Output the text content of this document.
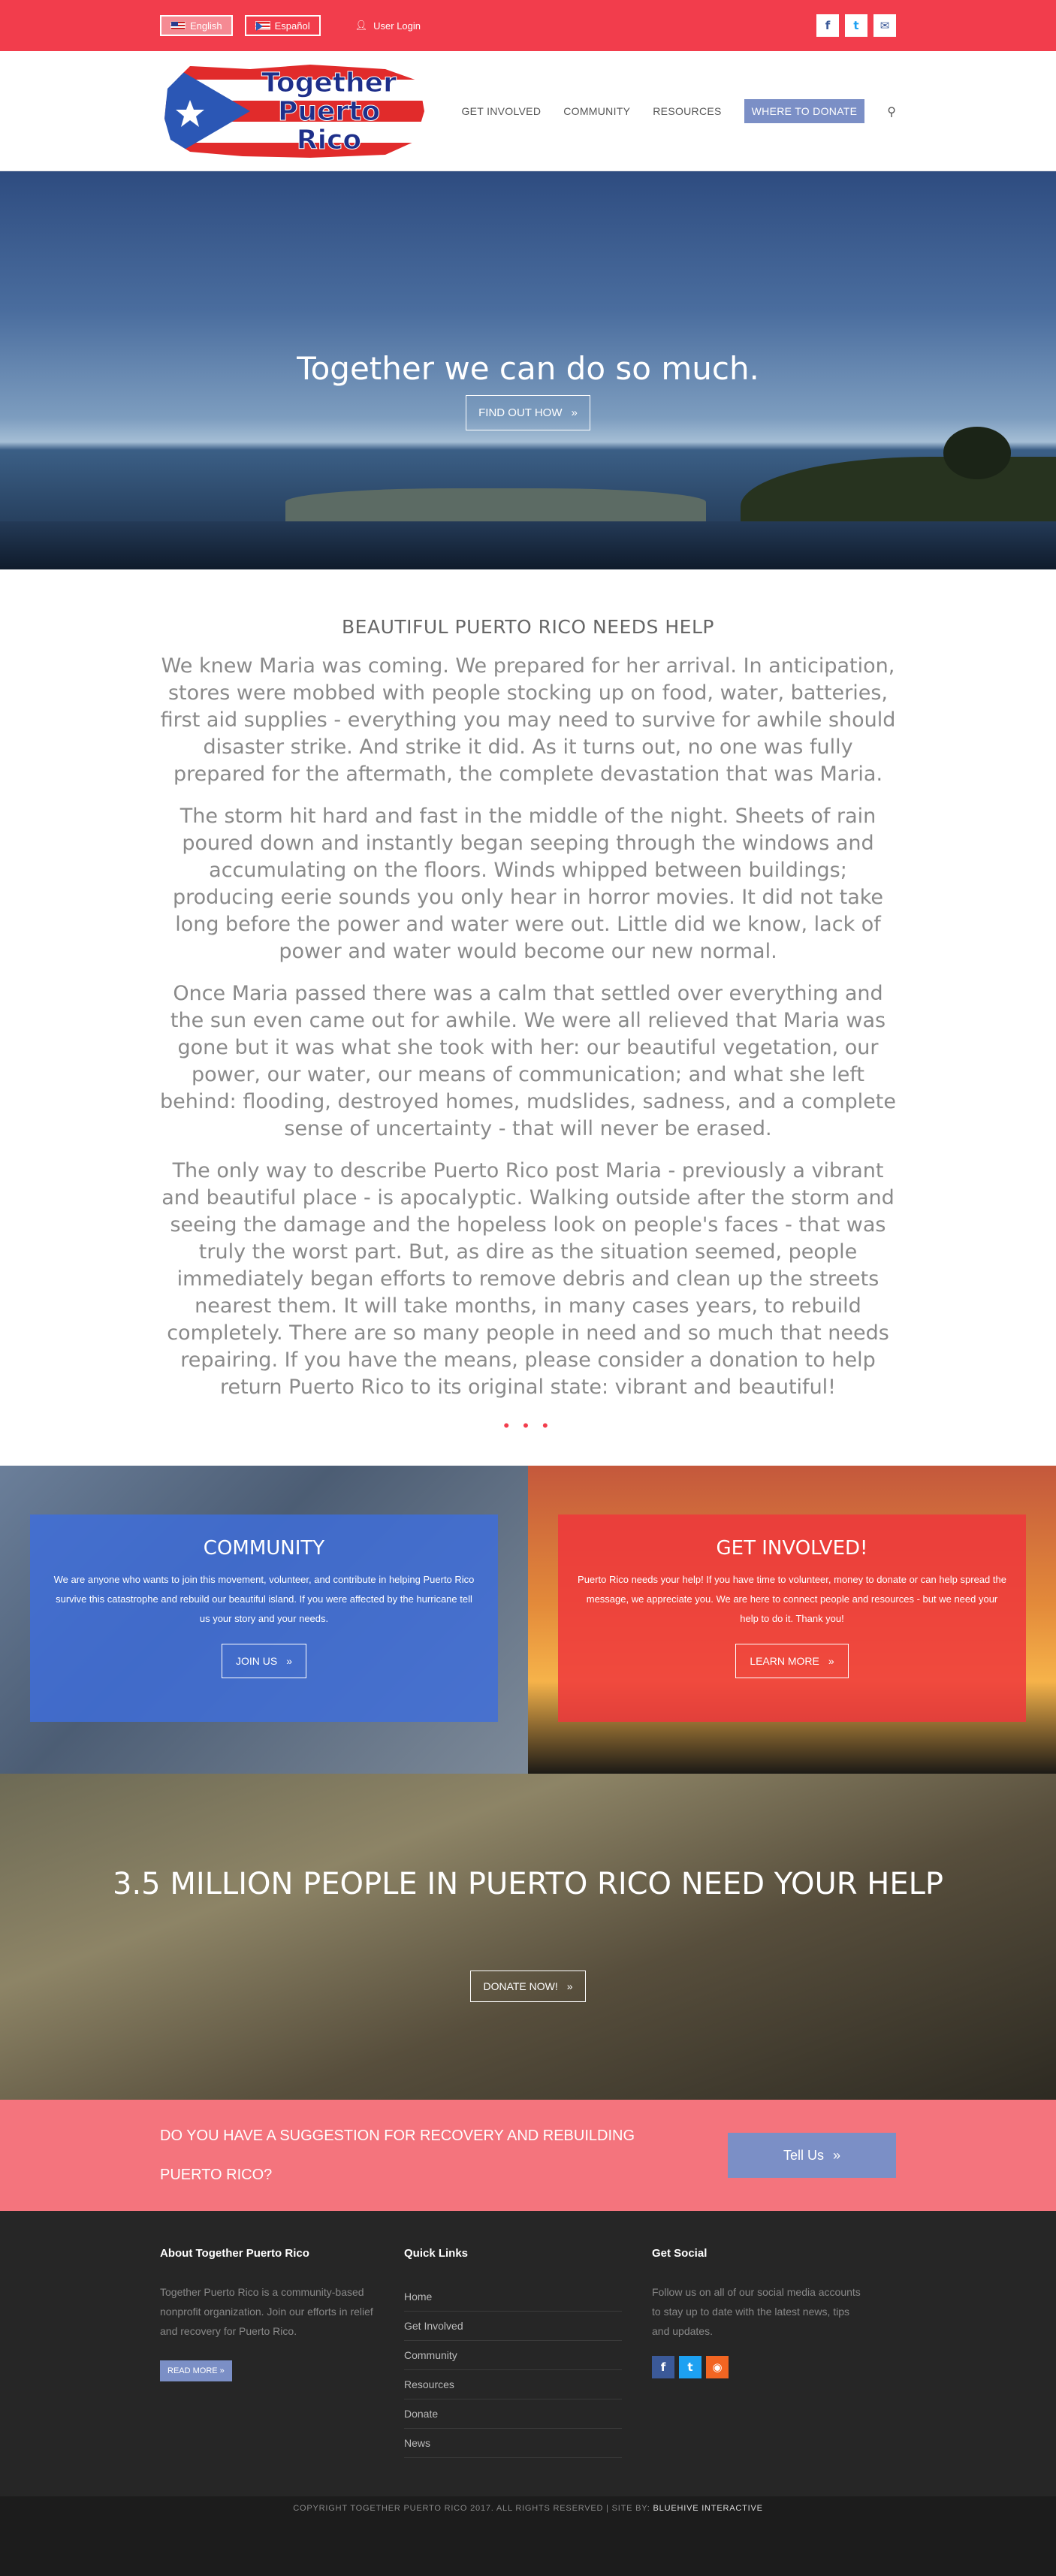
English	Español	👤︎ User Login	f	t	✉
Together
Puerto
Rico
GET INVOLVED COMMUNITY RESOURCES	WHERE TO DONATE	⚲
Together we can do so much.
FIND OUT HOW »
BEAUTIFUL PUERTO RICO NEEDS HELP

We knew Maria was coming. We prepared for her arrival. In anticipation, stores were mobbed with people stocking up on food, water, batteries, first aid supplies - everything you may need to survive for awhile should disaster strike. And strike it did. As it turns out, no one was fully prepared for the aftermath, the complete devastation that was Maria.

The storm hit hard and fast in the middle of the night. Sheets of rain poured down and instantly began seeping through the windows and accumulating on the floors. Winds whipped between buildings; producing eerie sounds you only hear in horror movies. It did not take long before the power and water were out. Little did we know, lack of power and water would become our new normal.

Once Maria passed there was a calm that settled over everything and the sun even came out for awhile. We were all relieved that Maria was gone but it was what she took with her: our beautiful vegetation, our power, our water, our means of communication; and what she left behind: flooding, destroyed homes, mudslides, sadness, and a complete sense of uncertainty - that will never be erased.

The only way to describe Puerto Rico post Maria - previously a vibrant and beautiful place - is apocalyptic. Walking outside after the storm and seeing the damage and the hopeless look on people's faces - that was truly the worst part. But, as dire as the situation seemed, people immediately began efforts to remove debris and clean up the streets nearest them. It will take months, in many cases years, to rebuild completely. There are so many people in need and so much that needs repairing. If you have the means, please consider a donation to help return Puerto Rico to its original state: vibrant and beautiful!

• • •
COMMUNITY

We are anyone who wants to join this movement, volunteer, and contribute in helping Puerto Rico survive this catastrophe and rebuild our beautiful island. If you were affected by the hurricane tell us your story and your needs.

JOIN US »
GET INVOLVED!

Puerto Rico needs your help! If you have time to volunteer, money to donate or can help spread the message, we appreciate you. We are here to connect people and resources - but we need your help to do it. Thank you!

LEARN MORE »
3.5 MILLION PEOPLE IN PUERTO RICO NEED YOUR HELP
DONATE NOW! »

DO YOU HAVE A SUGGESTION FOR RECOVERY AND REBUILDING PUERTO RICO?

Tell Us »
About Together Puerto Rico

Together Puerto Rico is a community-based nonprofit organization. Join our efforts in relief and recovery for Puerto Rico.

READ MORE »
Quick Links
Home
Get Involved
Community
Resources
Donate
News
Get Social

Follow us on all of our social media accounts to stay up to date with the latest news, tips and updates.

f	t	◉
COPYRIGHT TOGETHER PUERTO RICO 2017. ALL RIGHTS RESERVED | SITE BY: BLUEHIVE INTERACTIVE
